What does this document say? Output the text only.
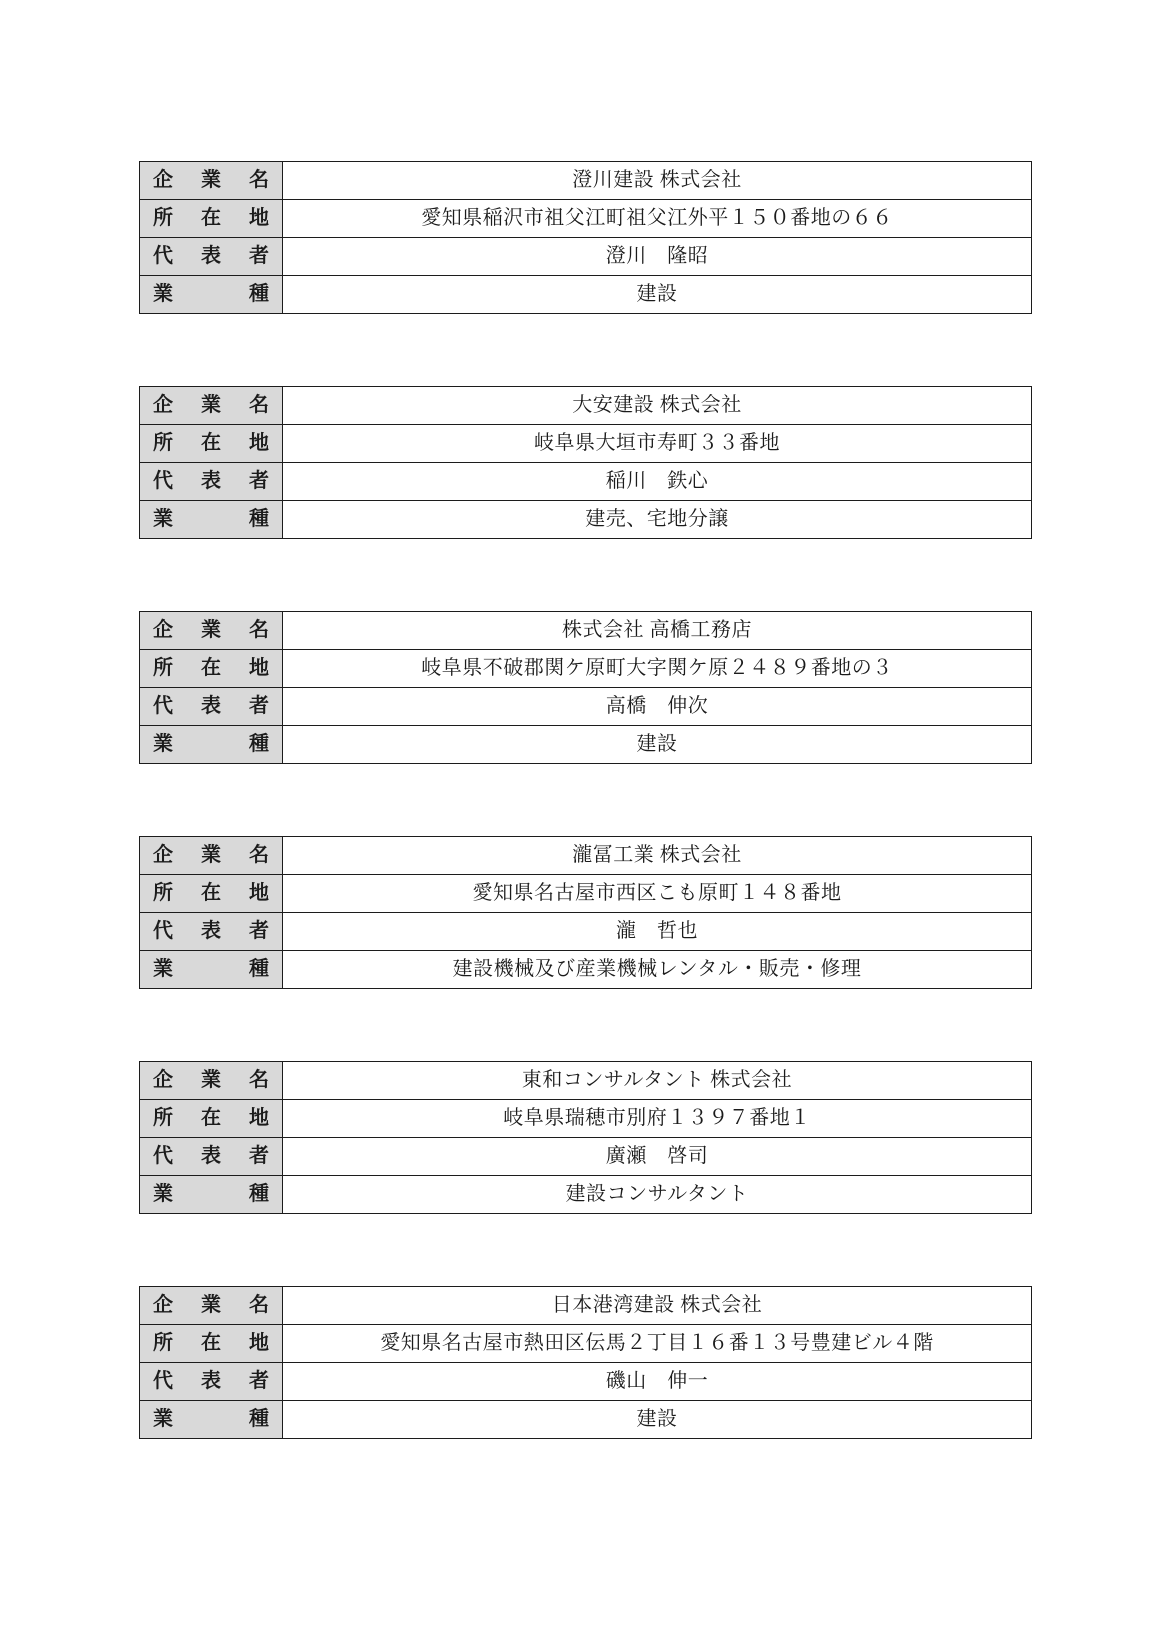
企 業 名	澄川建設 株式会社

所 在 地	愛知県稲沢市祖父江町祖父江外平１５０番地の６６

代 表 者	澄川　隆昭

業 種	建設
企 業 名	大安建設 株式会社

所 在 地	岐阜県大垣市寿町３３番地

代 表 者	稲川　鉄心

業 種	建売、宅地分譲
企 業 名	株式会社 高橋工務店

所 在 地	岐阜県不破郡関ケ原町大字関ケ原２４８９番地の３

代 表 者	高橋　伸次

業 種	建設
企 業 名	瀧冨工業 株式会社

所 在 地	愛知県名古屋市西区こも原町１４８番地

代 表 者	瀧　哲也

業 種	建設機械及び産業機械レンタル・販売・修理
企 業 名	東和コンサルタント 株式会社

所 在 地	岐阜県瑞穂市別府１３９７番地１

代 表 者	廣瀬　啓司

業 種	建設コンサルタント
企 業 名	日本港湾建設 株式会社

所 在 地	愛知県名古屋市熱田区伝馬２丁目１６番１３号豊建ビル４階

代 表 者	磯山　伸一

業 種	建設
